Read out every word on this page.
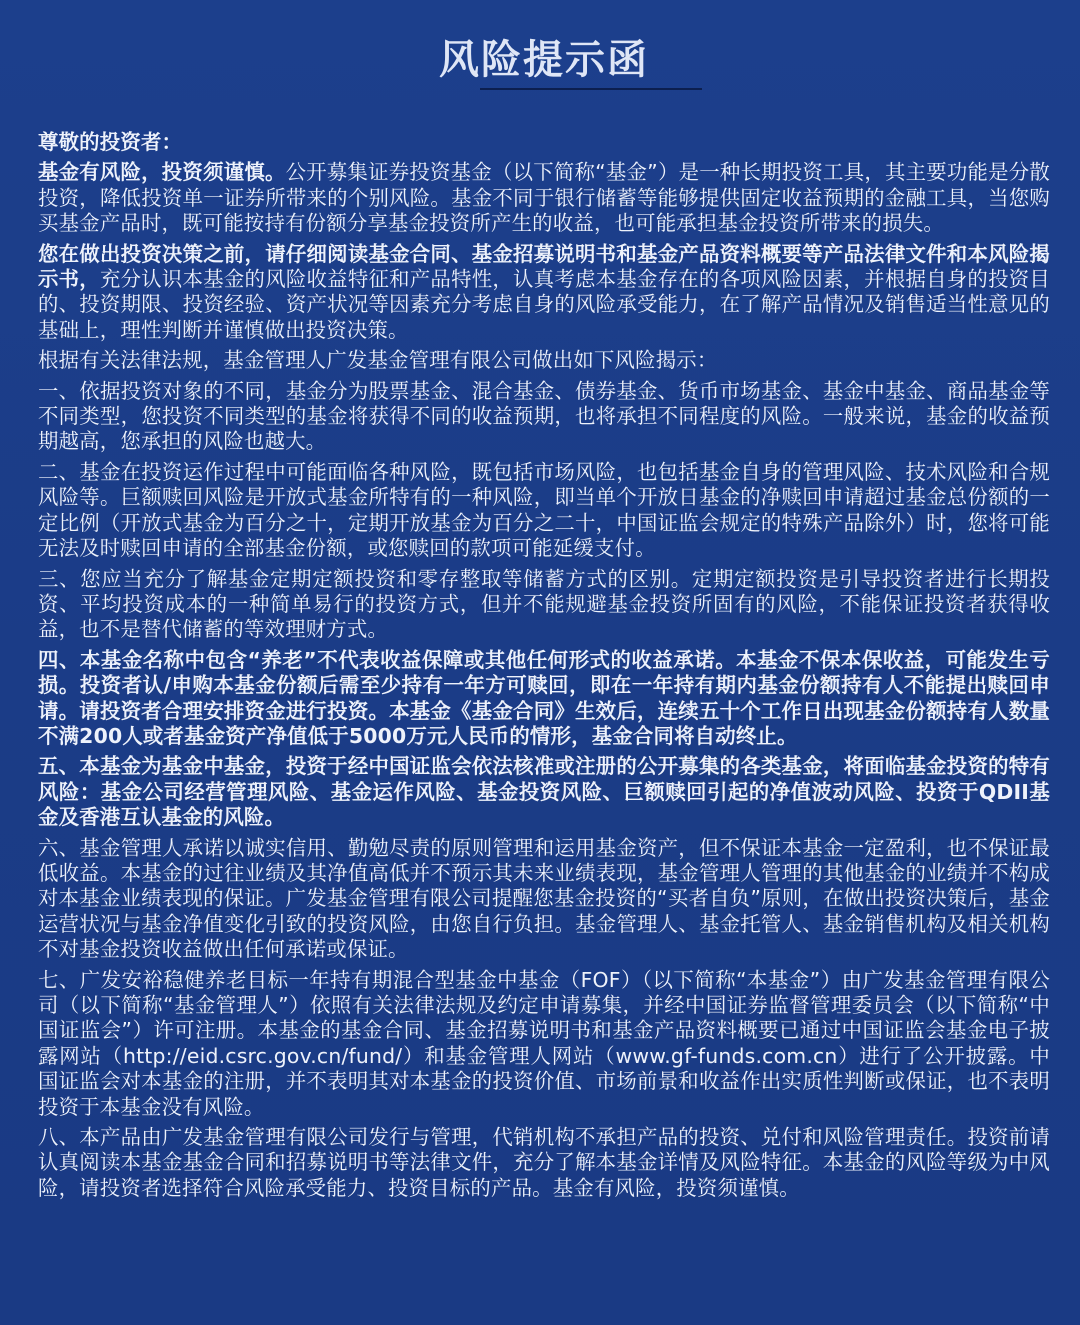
风险提示函

尊敬的投资者：

基金有风险，投资须谨慎。公开募集证券投资基金（以下简称“基金”）是一种长期投资工具，其主要功能是分散投资，降低投资单一证券所带来的个别风险。基金不同于银行储蓄等能够提供固定收益预期的金融工具，当您购买基金产品时，既可能按持有份额分享基金投资所产生的收益，也可能承担基金投资所带来的损失。

您在做出投资决策之前，请仔细阅读基金合同、基金招募说明书和基金产品资料概要等产品法律文件和本风险揭示书，充分认识本基金的风险收益特征和产品特性，认真考虑本基金存在的各项风险因素，并根据自身的投资目的、投资期限、投资经验、资产状况等因素充分考虑自身的风险承受能力，在了解产品情况及销售适当性意见的基础上，理性判断并谨慎做出投资决策。

根据有关法律法规，基金管理人广发基金管理有限公司做出如下风险揭示：

一、依据投资对象的不同，基金分为股票基金、混合基金、债券基金、货币市场基金、基金中基金、商品基金等不同类型，您投资不同类型的基金将获得不同的收益预期，也将承担不同程度的风险。一般来说，基金的收益预期越高，您承担的风险也越大。

二、基金在投资运作过程中可能面临各种风险，既包括市场风险，也包括基金自身的管理风险、技术风险和合规风险等。巨额赎回风险是开放式基金所特有的一种风险，即当单个开放日基金的净赎回申请超过基金总份额的一定比例（开放式基金为百分之十，定期开放基金为百分之二十，中国证监会规定的特殊产品除外）时，您将可能无法及时赎回申请的全部基金份额，或您赎回的款项可能延缓支付。

三、您应当充分了解基金定期定额投资和零存整取等储蓄方式的区别。定期定额投资是引导投资者进行长期投资、平均投资成本的一种简单易行的投资方式，但并不能规避基金投资所固有的风险，不能保证投资者获得收益，也不是替代储蓄的等效理财方式。

四、本基金名称中包含“养老”不代表收益保障或其他任何形式的收益承诺。本基金不保本保收益，可能发生亏损。投资者认/申购本基金份额后需至少持有一年方可赎回，即在一年持有期内基金份额持有人不能提出赎回申请。请投资者合理安排资金进行投资。本基金《基金合同》生效后，连续五十个工作日出现基金份额持有人数量不满200人或者基金资产净值低于5000万元人民币的情形，基金合同将自动终止。

五、本基金为基金中基金，投资于经中国证监会依法核准或注册的公开募集的各类基金，将面临基金投资的特有风险：基金公司经营管理风险、基金运作风险、基金投资风险、巨额赎回引起的净值波动风险、投资于QDII基金及香港互认基金的风险。

六、基金管理人承诺以诚实信用、勤勉尽责的原则管理和运用基金资产，但不保证本基金一定盈利，也不保证最低收益。本基金的过往业绩及其净值高低并不预示其未来业绩表现，基金管理人管理的其他基金的业绩并不构成对本基金业绩表现的保证。广发基金管理有限公司提醒您基金投资的“买者自负”原则，在做出投资决策后，基金运营状况与基金净值变化引致的投资风险，由您自行负担。基金管理人、基金托管人、基金销售机构及相关机构不对基金投资收益做出任何承诺或保证。

七、广发安裕稳健养老目标一年持有期混合型基金中基金（FOF）（以下简称“本基金”）由广发基金管理有限公司（以下简称“基金管理人”）依照有关法律法规及约定申请募集，并经中国证券监督管理委员会（以下简称“中国证监会”）许可注册。本基金的基金合同、基金招募说明书和基金产品资料概要已通过中国证监会基金电子披露网站（http://eid.csrc.gov.cn/fund/）和基金管理人网站（www.gf-funds.com.cn）进行了公开披露。中国证监会对本基金的注册，并不表明其对本基金的投资价值、市场前景和收益作出实质性判断或保证，也不表明投资于本基金没有风险。

八、本产品由广发基金管理有限公司发行与管理，代销机构不承担产品的投资、兑付和风险管理责任。投资前请认真阅读本基金基金合同和招募说明书等法律文件，充分了解本基金详情及风险特征。本基金的风险等级为中风险，请投资者选择符合风险承受能力、投资目标的产品。基金有风险，投资须谨慎。
